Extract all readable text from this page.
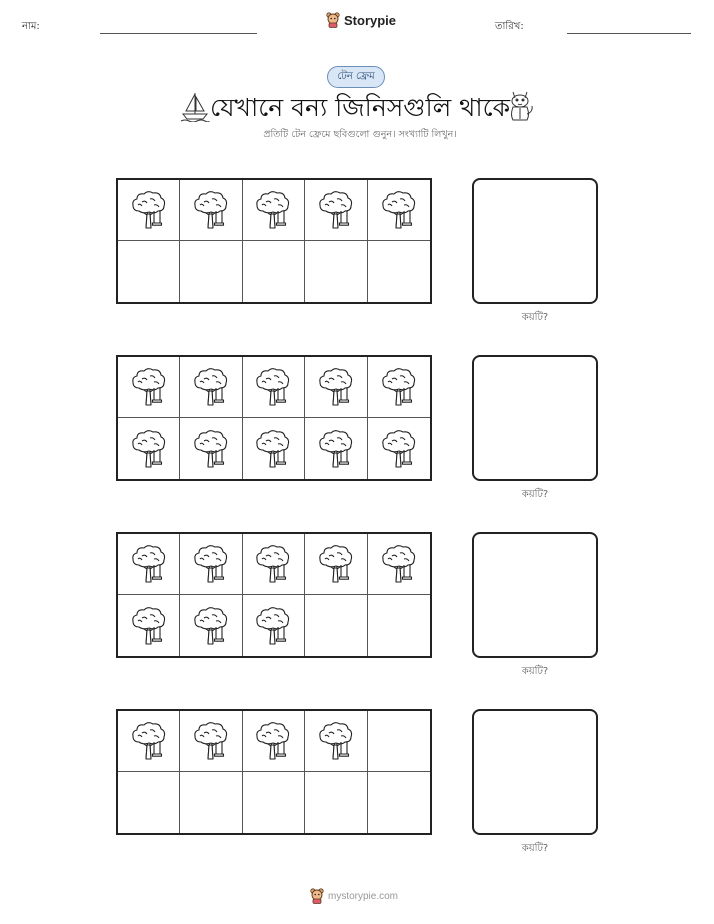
নাম:	Storypie	তারিখ:
টেন ফ্রেম
যেখানে বন্য জিনিসগুলি থাকে
প্রতিটি টেন ফ্রেমে ছবিগুলো গুনুন। সংখ্যাটি লিখুন।
কয়টি?
কয়টি?
কয়টি?
কয়টি?
mystorypie.com
